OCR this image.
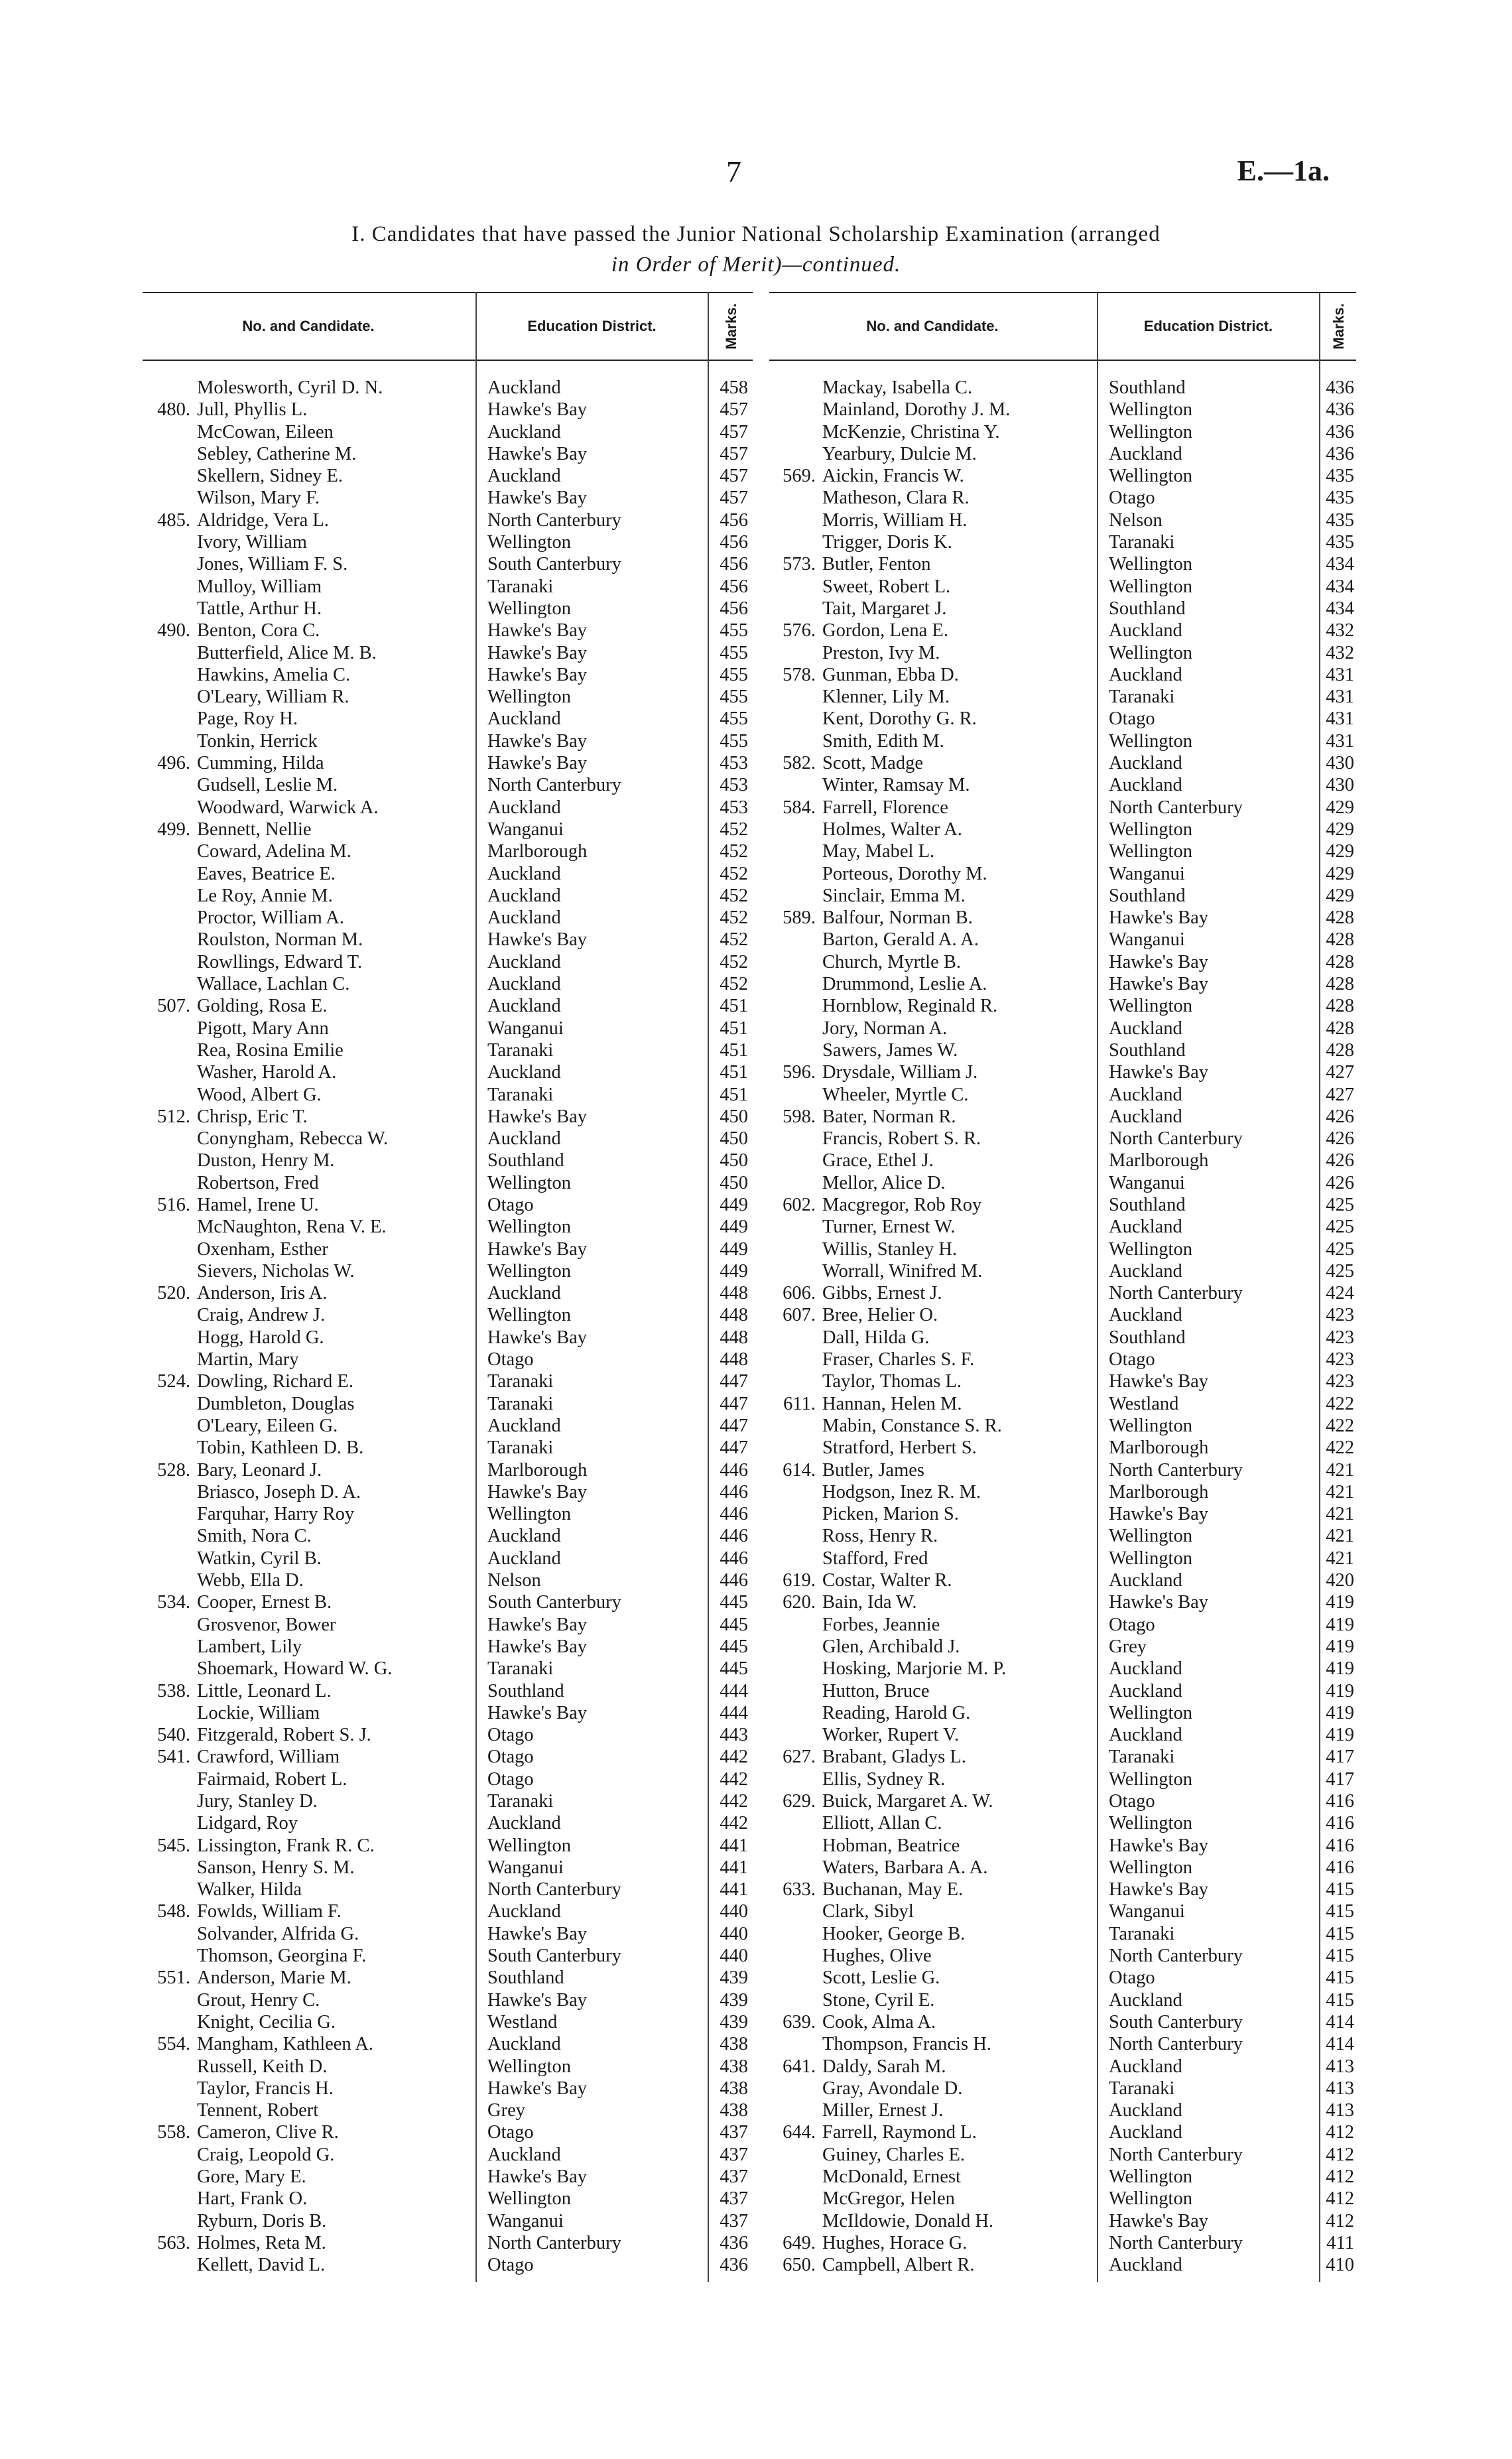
7	E.—1a.
I. Candidates that have passed the Junior National Scholarship Examination (arranged
in Order of Merit)—continued.
No. and Candidate.	Education District.	Marks.
Molesworth, Cyril D. N.	Auckland	458
480. Jull, Phyllis L.	Hawke's Bay	457
McCowan, Eileen	Auckland	457
Sebley, Catherine M.	Hawke's Bay	457
Skellern, Sidney E.	Auckland	457
Wilson, Mary F.	Hawke's Bay	457
485. Aldridge, Vera L.	North Canterbury	456
Ivory, William	Wellington	456
Jones, William F. S.	South Canterbury	456
Mulloy, William	Taranaki	456
Tattle, Arthur H.	Wellington	456
490. Benton, Cora C.	Hawke's Bay	455
Butterfield, Alice M. B.	Hawke's Bay	455
Hawkins, Amelia C.	Hawke's Bay	455
O'Leary, William R.	Wellington	455
Page, Roy H.	Auckland	455
Tonkin, Herrick	Hawke's Bay	455
496. Cumming, Hilda	Hawke's Bay	453
Gudsell, Leslie M.	North Canterbury	453
Woodward, Warwick A.	Auckland	453
499. Bennett, Nellie	Wanganui	452
Coward, Adelina M.	Marlborough	452
Eaves, Beatrice E.	Auckland	452
Le Roy, Annie M.	Auckland	452
Proctor, William A.	Auckland	452
Roulston, Norman M.	Hawke's Bay	452
Rowllings, Edward T.	Auckland	452
Wallace, Lachlan C.	Auckland	452
507. Golding, Rosa E.	Auckland	451
Pigott, Mary Ann	Wanganui	451
Rea, Rosina Emilie	Taranaki	451
Washer, Harold A.	Auckland	451
Wood, Albert G.	Taranaki	451
512. Chrisp, Eric T.	Hawke's Bay	450
Conyngham, Rebecca W.	Auckland	450
Duston, Henry M.	Southland	450
Robertson, Fred	Wellington	450
516. Hamel, Irene U.	Otago	449
McNaughton, Rena V. E.	Wellington	449
Oxenham, Esther	Hawke's Bay	449
Sievers, Nicholas W.	Wellington	449
520. Anderson, Iris A.	Auckland	448
Craig, Andrew J.	Wellington	448
Hogg, Harold G.	Hawke's Bay	448
Martin, Mary	Otago	448
524. Dowling, Richard E.	Taranaki	447
Dumbleton, Douglas	Taranaki	447
O'Leary, Eileen G.	Auckland	447
Tobin, Kathleen D. B.	Taranaki	447
528. Bary, Leonard J.	Marlborough	446
Briasco, Joseph D. A.	Hawke's Bay	446
Farquhar, Harry Roy	Wellington	446
Smith, Nora C.	Auckland	446
Watkin, Cyril B.	Auckland	446
Webb, Ella D.	Nelson	446
534. Cooper, Ernest B.	South Canterbury	445
Grosvenor, Bower	Hawke's Bay	445
Lambert, Lily	Hawke's Bay	445
Shoemark, Howard W. G.	Taranaki	445
538. Little, Leonard L.	Southland	444
Lockie, William	Hawke's Bay	444
540. Fitzgerald, Robert S. J.	Otago	443
541. Crawford, William	Otago	442
Fairmaid, Robert L.	Otago	442
Jury, Stanley D.	Taranaki	442
Lidgard, Roy	Auckland	442
545. Lissington, Frank R. C.	Wellington	441
Sanson, Henry S. M.	Wanganui	441
Walker, Hilda	North Canterbury	441
548. Fowlds, William F.	Auckland	440
Solvander, Alfrida G.	Hawke's Bay	440
Thomson, Georgina F.	South Canterbury	440
551. Anderson, Marie M.	Southland	439
Grout, Henry C.	Hawke's Bay	439
Knight, Cecilia G.	Westland	439
554. Mangham, Kathleen A.	Auckland	438
Russell, Keith D.	Wellington	438
Taylor, Francis H.	Hawke's Bay	438
Tennent, Robert	Grey	438
558. Cameron, Clive R.	Otago	437
Craig, Leopold G.	Auckland	437
Gore, Mary E.	Hawke's Bay	437
Hart, Frank O.	Wellington	437
Ryburn, Doris B.	Wanganui	437
563. Holmes, Reta M.	North Canterbury	436
Kellett, David L.	Otago	436
No. and Candidate.	Education District.	Marks.
Mackay, Isabella C.	Southland	436
Mainland, Dorothy J. M.	Wellington	436
McKenzie, Christina Y.	Wellington	436
Yearbury, Dulcie M.	Auckland	436
569. Aickin, Francis W.	Wellington	435
Matheson, Clara R.	Otago	435
Morris, William H.	Nelson	435
Trigger, Doris K.	Taranaki	435
573. Butler, Fenton	Wellington	434
Sweet, Robert L.	Wellington	434
Tait, Margaret J.	Southland	434
576. Gordon, Lena E.	Auckland	432
Preston, Ivy M.	Wellington	432
578. Gunman, Ebba D.	Auckland	431
Klenner, Lily M.	Taranaki	431
Kent, Dorothy G. R.	Otago	431
Smith, Edith M.	Wellington	431
582. Scott, Madge	Auckland	430
Winter, Ramsay M.	Auckland	430
584. Farrell, Florence	North Canterbury	429
Holmes, Walter A.	Wellington	429
May, Mabel L.	Wellington	429
Porteous, Dorothy M.	Wanganui	429
Sinclair, Emma M.	Southland	429
589. Balfour, Norman B.	Hawke's Bay	428
Barton, Gerald A. A.	Wanganui	428
Church, Myrtle B.	Hawke's Bay	428
Drummond, Leslie A.	Hawke's Bay	428
Hornblow, Reginald R.	Wellington	428
Jory, Norman A.	Auckland	428
Sawers, James W.	Southland	428
596. Drysdale, William J.	Hawke's Bay	427
Wheeler, Myrtle C.	Auckland	427
598. Bater, Norman R.	Auckland	426
Francis, Robert S. R.	North Canterbury	426
Grace, Ethel J.	Marlborough	426
Mellor, Alice D.	Wanganui	426
602. Macgregor, Rob Roy	Southland	425
Turner, Ernest W.	Auckland	425
Willis, Stanley H.	Wellington	425
Worrall, Winifred M.	Auckland	425
606. Gibbs, Ernest J.	North Canterbury	424
607. Bree, Helier O.	Auckland	423
Dall, Hilda G.	Southland	423
Fraser, Charles S. F.	Otago	423
Taylor, Thomas L.	Hawke's Bay	423
611. Hannan, Helen M.	Westland	422
Mabin, Constance S. R.	Wellington	422
Stratford, Herbert S.	Marlborough	422
614. Butler, James	North Canterbury	421
Hodgson, Inez R. M.	Marlborough	421
Picken, Marion S.	Hawke's Bay	421
Ross, Henry R.	Wellington	421
Stafford, Fred	Wellington	421
619. Costar, Walter R.	Auckland	420
620. Bain, Ida W.	Hawke's Bay	419
Forbes, Jeannie	Otago	419
Glen, Archibald J.	Grey	419
Hosking, Marjorie M. P.	Auckland	419
Hutton, Bruce	Auckland	419
Reading, Harold G.	Wellington	419
Worker, Rupert V.	Auckland	419
627. Brabant, Gladys L.	Taranaki	417
Ellis, Sydney R.	Wellington	417
629. Buick, Margaret A. W.	Otago	416
Elliott, Allan C.	Wellington	416
Hobman, Beatrice	Hawke's Bay	416
Waters, Barbara A. A.	Wellington	416
633. Buchanan, May E.	Hawke's Bay	415
Clark, Sibyl	Wanganui	415
Hooker, George B.	Taranaki	415
Hughes, Olive	North Canterbury	415
Scott, Leslie G.	Otago	415
Stone, Cyril E.	Auckland	415
639. Cook, Alma A.	South Canterbury	414
Thompson, Francis H.	North Canterbury	414
641. Daldy, Sarah M.	Auckland	413
Gray, Avondale D.	Taranaki	413
Miller, Ernest J.	Auckland	413
644. Farrell, Raymond L.	Auckland	412
Guiney, Charles E.	North Canterbury	412
McDonald, Ernest	Wellington	412
McGregor, Helen	Wellington	412
McIldowie, Donald H.	Hawke's Bay	412
649. Hughes, Horace G.	North Canterbury	411
650. Campbell, Albert R.	Auckland	410
